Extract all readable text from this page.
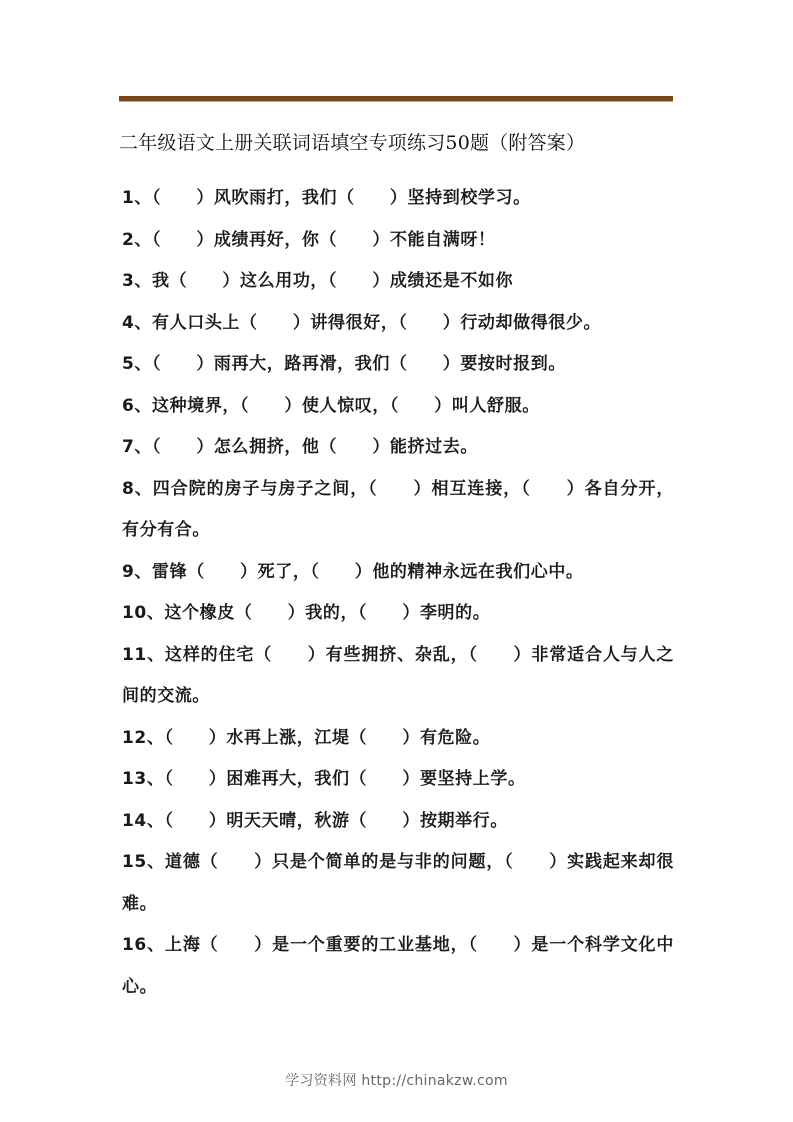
二年级语文上册关联词语填空专项练习50题（附答案）
1、（　　）风吹雨打，我们（　　）坚持到校学习。
2、（　　）成绩再好，你（　　）不能自满呀！
3、我（　　）这么用功，（　　）成绩还是不如你
4、有人口头上（　　）讲得很好，（　　）行动却做得很少。
5、（　　）雨再大，路再滑，我们（　　）要按时报到。
6、这种境界，（　　）使人惊叹，（　　）叫人舒服。
7、（　　）怎么拥挤，他（　　）能挤过去。
8、四合院的房子与房子之间，（　　）相互连接，（　　）各自分开，有分有合。
9、雷锋（　　）死了，（　　）他的精神永远在我们心中。
10、这个橡皮（　　）我的，（　　）李明的。
11、这样的住宅（　　）有些拥挤、杂乱，（　　）非常适合人与人之间的交流。
12、（　　）水再上涨，江堤（　　）有危险。
13、（　　）困难再大，我们（　　）要坚持上学。
14、（　　）明天天晴，秋游（　　）按期举行。
15、道德（　　）只是个简单的是与非的问题，（　　）实践起来却很难。
16、上海（　　）是一个重要的工业基地，（　　）是一个科学文化中心。
学习资料网 http://chinakzw.com
